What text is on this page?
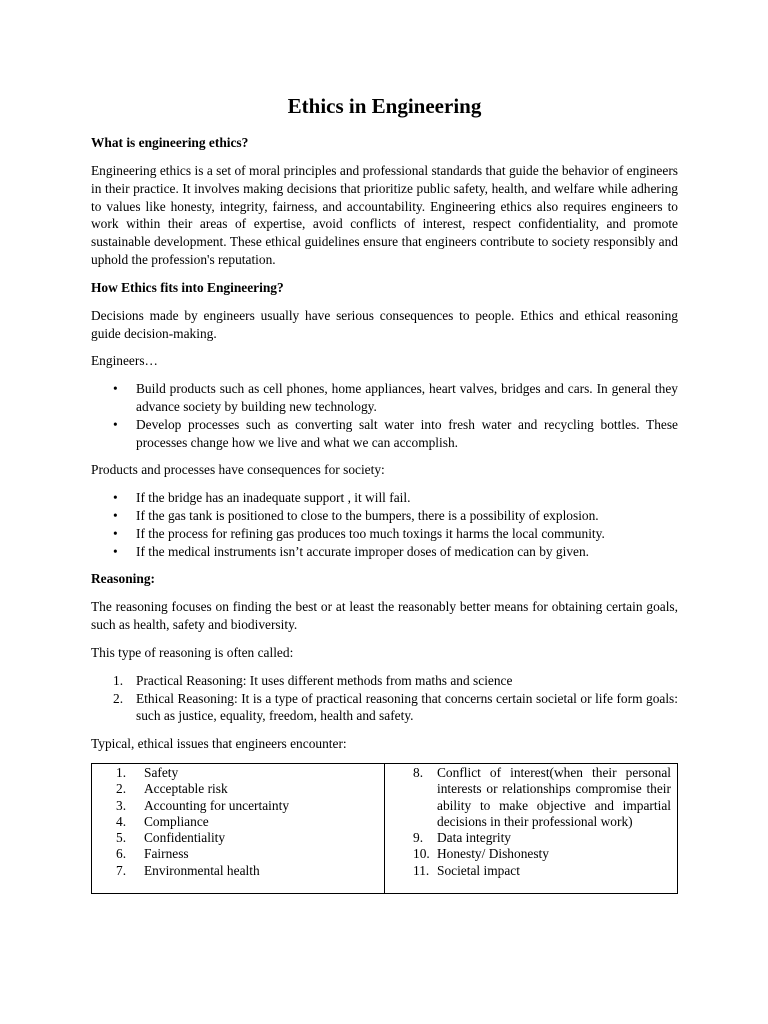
Ethics in Engineering
What is engineering ethics?

Engineering ethics is a set of moral principles and professional standards that guide the behavior of engineers in their practice. It involves making decisions that prioritize public safety, health, and welfare while adhering to values like honesty, integrity, fairness, and accountability. Engineering ethics also requires engineers to work within their areas of expertise, avoid conflicts of interest, respect confidentiality, and promote sustainable development. These ethical guidelines ensure that engineers contribute to society responsibly and uphold the profession's reputation.

How Ethics fits into Engineering?

Decisions made by engineers usually have serious consequences to people. Ethics and ethical reasoning guide decision-making.

Engineers…

• Build products such as cell phones, home appliances, heart valves, bridges and cars. In general they advance society by building new technology.
• Develop processes such as converting salt water into fresh water and recycling bottles. These processes change how we live and what we can accomplish.

Products and processes have consequences for society:

• If the bridge has an inadequate support , it will fail.
• If the gas tank is positioned to close to the bumpers, there is a possibility of explosion.
• If the process for refining gas produces too much toxings it harms the local community.
• If the medical instruments isn’t accurate improper doses of medication can by given.
Reasoning:

The reasoning focuses on finding the best or at least the reasonably better means for obtaining certain goals, such as health, safety and biodiversity.

This type of reasoning is often called:

1. Practical Reasoning: It uses different methods from maths and science
2. Ethical Reasoning: It is a type of practical reasoning that concerns certain societal or life form goals: such as justice, equality, freedom, health and safety.

Typical, ethical issues that engineers encounter:

1.	Safety
2.	Acceptable risk
3.	Accounting for uncertainty
4.	Compliance
5.	Confidentiality
6.	Fairness
7.	Environmental health

8.	Conflict of interest(when their personal interests or relationships compromise their ability to make objective and impartial decisions in their professional work)
9.	Data integrity
10. Honesty/ Dishonesty
11. Societal impact
